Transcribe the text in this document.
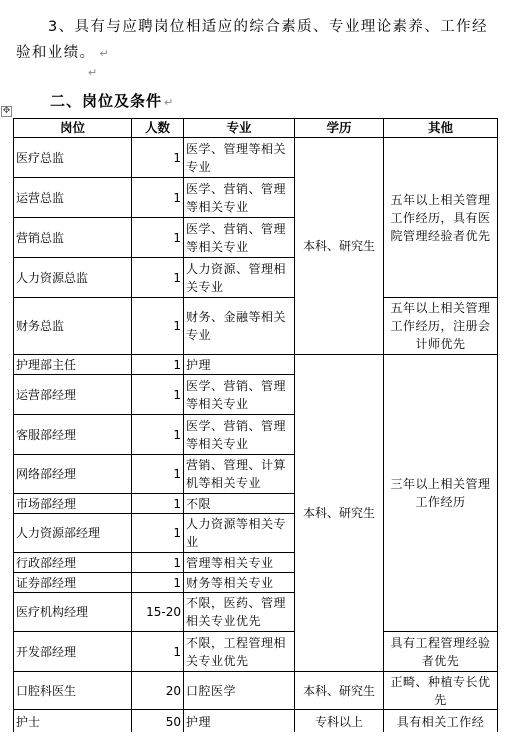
3、具有与应聘岗位相适应的综合素质、专业理论素养、工作经验和业绩。 ↵
↵
二、岗位及条件 ↵
✥
岗位	人数	专业	学历	其他
医疗总监	1	医学、管理等相关专业	本科、研究生	五年以上相关管理工作经历，具有医院管理经验者优先
运营总监	1	医学、营销、管理等相关专业		
营销总监	1	医学、营销、管理等相关专业		
人力资源总监	1	人力资源、管理相关专业		
财务总监	1	财务、金融等相关专业		五年以上相关管理工作经历，注册会计师优先
护理部主任	1	护理	本科、研究生	三年以上相关管理工作经历
运营部经理	1	医学、营销、管理等相关专业		
客服部经理	1	医学、营销、管理等相关专业		
网络部经理	1	营销、管理、计算机等相关专业		
市场部经理	1	不限		
人力资源部经理	1	人力资源等相关专业		
行政部经理	1	管理等相关专业		
证券部经理	1	财务等相关专业		
医疗机构经理	15-20	不限，医药、管理相关专业优先		
开发部经理	1	不限，工程管理相关专业优先		具有工程管理经验者优先
口腔科医生	20	口腔医学	本科、研究生	正畸、种植专长优先
护士	50	护理	专科以上	具有相关工作经
